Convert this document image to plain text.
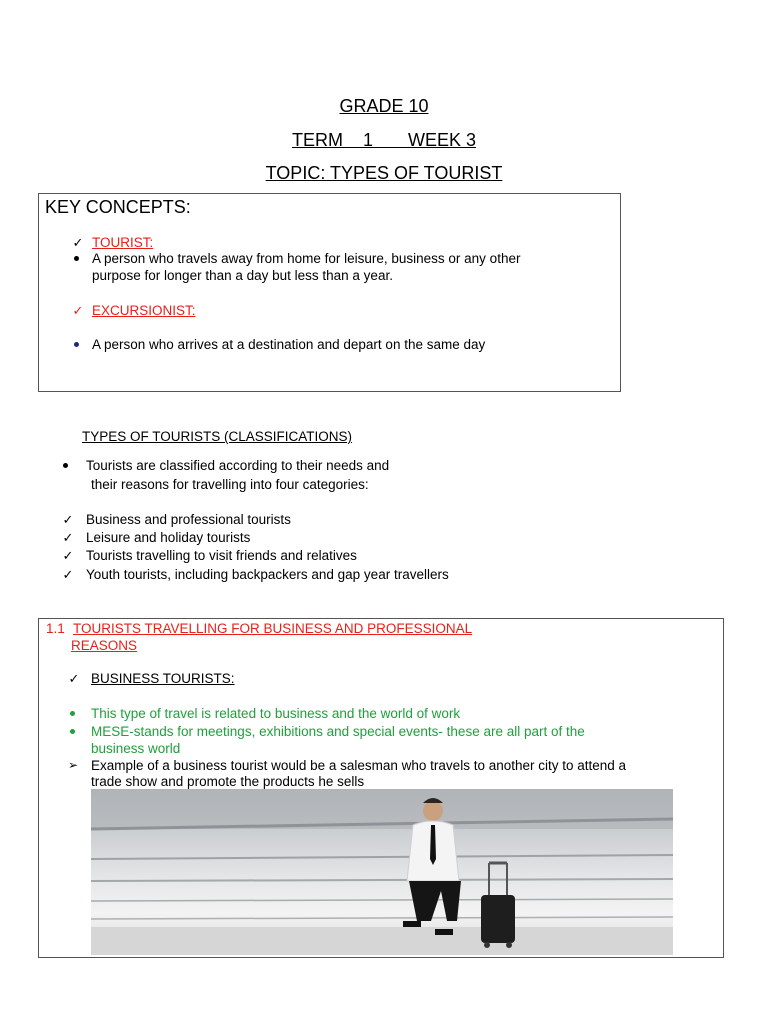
GRADE 10
TERM    1       WEEK 3
TOPIC: TYPES OF TOURIST
KEY CONCEPTS:
✓ TOURIST:
A person who travels away from home for leisure, business or any other
purpose for longer than a day but less than a year.
✓ EXCURSIONIST:
A person who arrives at a destination and depart on the same day
TYPES OF TOURISTS (CLASSIFICATIONS)
Tourists are classified according to their needs and
their reasons for travelling into four categories:
✓ Business and professional tourists
✓ Leisure and holiday tourists
✓ Tourists travelling to visit friends and relatives
✓ Youth tourists, including backpackers and gap year travellers
1.1 TOURISTS TRAVELLING FOR BUSINESS AND PROFESSIONAL
REASONS
✓ BUSINESS TOURISTS:
This type of travel is related to business and the world of work
MESE-stands for meetings, exhibitions and special events- these are all part of the
business world
➢ Example of a business tourist would be a salesman who travels to another city to attend a
trade show and promote the products he sells
